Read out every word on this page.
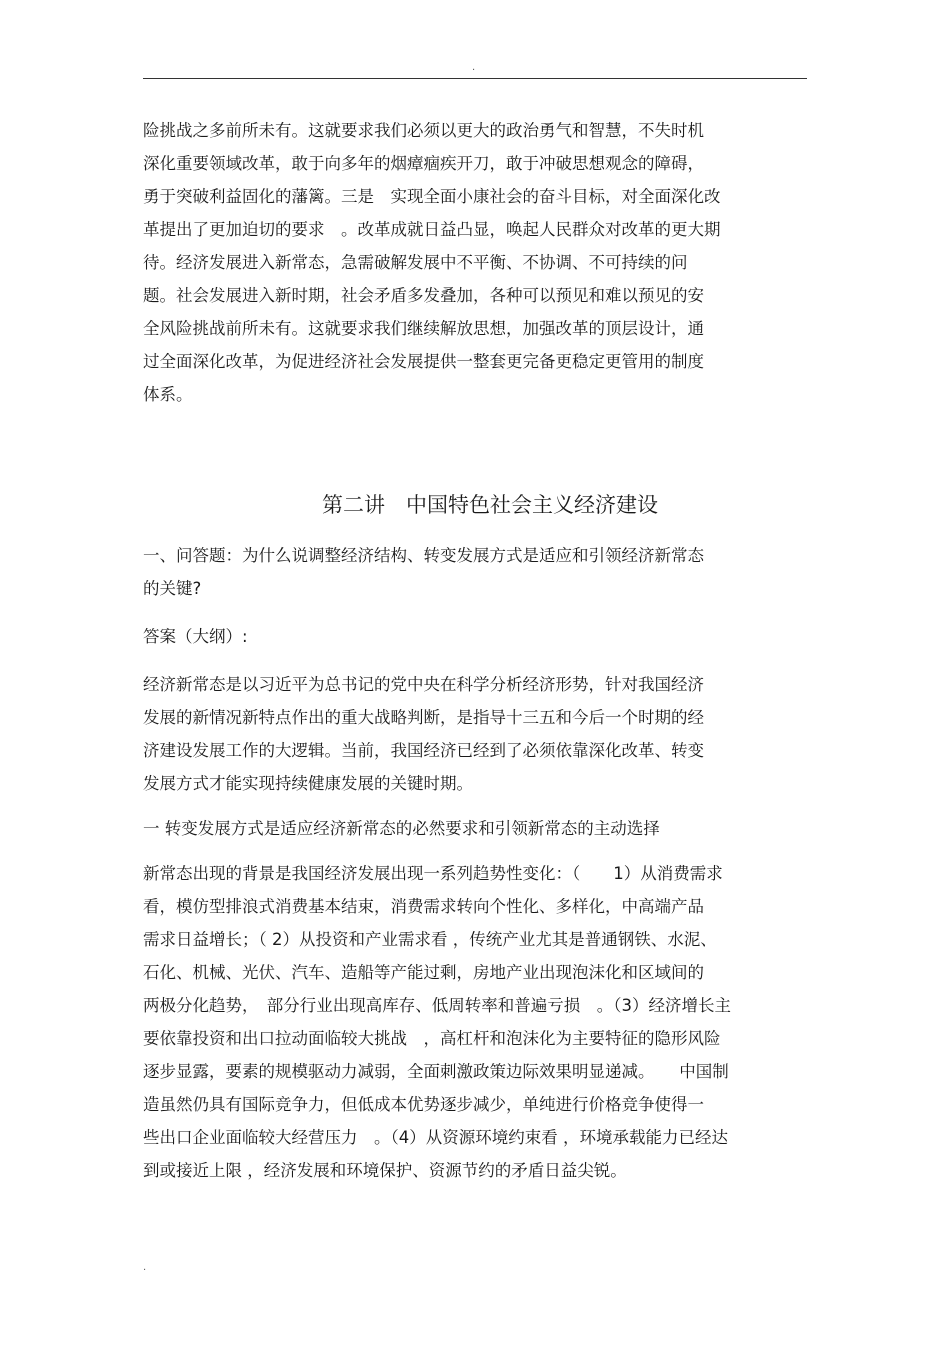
.
险挑战之多前所未有。这就要求我们必须以更大的政治勇气和智慧，不失时机
深化重要领域改革，敢于向多年的烟瘴痼疾开刀，敢于冲破思想观念的障碍，
勇于突破利益固化的藩篱。三是　实现全面小康社会的奋斗目标，对全面深化改
革提出了更加迫切的要求　。改革成就日益凸显，唤起人民群众对改革的更大期
待。经济发展进入新常态，急需破解发展中不平衡、不协调、不可持续的问
题。社会发展进入新时期，社会矛盾多发叠加，各种可以预见和难以预见的安
全风险挑战前所未有。这就要求我们继续解放思想，加强改革的顶层设计，通
过全面深化改革，为促进经济社会发展提供一整套更完备更稳定更管用的制度
体系。
第二讲　中国特色社会主义经济建设
一、问答题：为什么说调整经济结构、转变发展方式是适应和引领经济新常态
的关键?
答案（大纲）:
经济新常态是以习近平为总书记的党中央在科学分析经济形势，针对我国经济
发展的新情况新特点作出的重大战略判断，是指导十三五和今后一个时期的经
济建设发展工作的大逻辑。当前，我国经济已经到了必须依靠深化改革、转变
发展方式才能实现持续健康发展的关键时期。
一 转变发展方式是适应经济新常态的必然要求和引领新常态的主动选择
新常态出现的背景是我国经济发展出现一系列趋势性变化：（　　1）从消费需求
看，模仿型排浪式消费基本结束，消费需求转向个性化、多样化，中高端产品
需求日益增长；（ 2）从投资和产业需求看 ，传统产业尤其是普通钢铁、水泥、
石化、机械、光伏、汽车、造船等产能过剩，房地产业出现泡沫化和区域间的
两极分化趋势，　部分行业出现高库存、低周转率和普遍亏损　。（3）经济增长主
要依靠投资和出口拉动面临较大挑战　，高杠杆和泡沫化为主要特征的隐形风险
逐步显露，要素的规模驱动力减弱，全面刺激政策边际效果明显递减。　　中国制
造虽然仍具有国际竞争力，但低成本优势逐步减少，单纯进行价格竞争使得一
些出口企业面临较大经营压力　。（4）从资源环境约束看 ，环境承载能力已经达
到或接近上限 ，经济发展和环境保护、资源节约的矛盾日益尖锐。
.
